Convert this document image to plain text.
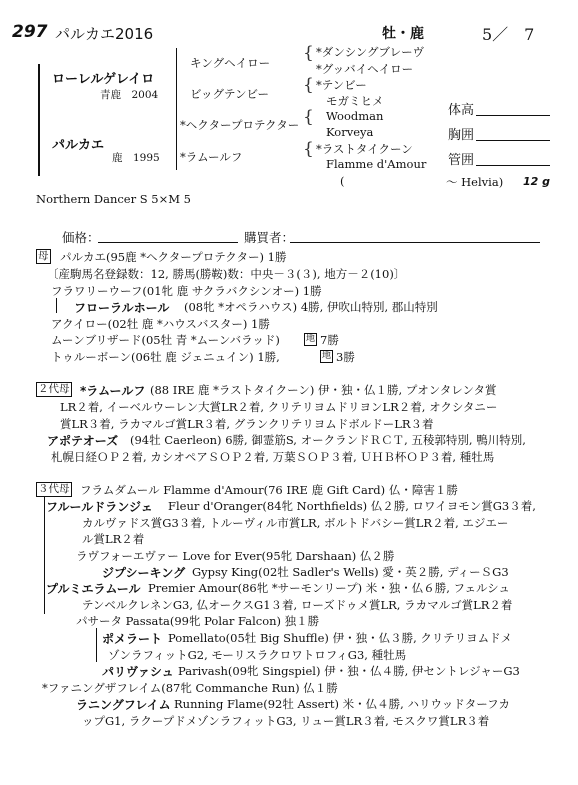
297 パルカエ2016	牡・鹿	5／　7
ローレルゲレイロ
青鹿　2004
パルカエ
鹿　1995
キングヘイロー
ビッグテンビー
*ヘクタープロテクター
*ラムールフ
{
{
{
{
*ダンシングブレーヴ
*グッバイヘイロー
*テンビー
モガミヒメ
Woodman
Korveya
*ラストタイクーン
Flamme d'Amour
(	～ Helvia) 12 g
体高
胸囲
管囲
Northern Dancer S 5×M 5
価格：	購買者：
母 パルカエ(95鹿 *ヘクタープロテクター) 1勝
〔産駒馬名登録数：12, 勝馬(勝鞍)数：中央－３(３), 地方－２(10)〕
フラワリーウーフ(01牝 鹿 サクラバクシンオー) 1勝
フローラルホール (08牝 *オペラハウス) 4勝, 伊吹山特別, 郡山特別
アクイロー(02牡 鹿 *ハウスバスター) 1勝
ムーンブリザード(05牡 青 *ムーンバラッド)	地 7勝
トゥルーボーン(06牡 鹿 ジェニュイン) 1勝,	地 3勝
２代母 *ラムールフ (88 IRE 鹿 *ラストタイクーン) 伊・独・仏１勝, プオンタレンタ賞
LR２着, イーベルウーレン大賞LR２着, クリテリヨムドリヨンLR２着, オクシタニー
賞LR３着, ラカマルゴ賞LR３着, グランクリテリヨムドボルドーLR３着
アポテオーズ (94牡 Caerleon) 6勝, 御霊筋S, オークランドＲＣＴ, 五稜郭特別, 鴨川特別,
札幌日経ＯＰ２着, カシオペアＳＯＰ２着, 万葉ＳＯＰ３着, ＵＨＢ杯ＯＰ３着, 種牡馬
３代母 フラムダムール Flamme d'Amour(76 IRE 鹿 Gift Card) 仏・障害１勝
フルールドランジェ Fleur d'Oranger(84牝 Northfields) 仏２勝, ロワイヨモン賞G3３着,
カルヴァドス賞G3３着, トルーヴィル市賞LR, ボルトドバシー賞LR２着, エジエー
ル賞LR２着
ラヴフォーエヴァー Love for Ever(95牝 Darshaan) 仏２勝
ジプシーキング Gypsy King(02牡 Sadler's Wells) 愛・英２勝, ディーＳG3
プルミエラムール Premier Amour(86牝 *サーモンリープ) 米・独・仏６勝, フェルシュ
テンベルクレネンG3, 仏オークスG1３着, ローズドゥメ賞LR, ラカマルゴ賞LR２着
パサータ Passata(99牝 Polar Falcon) 独１勝
ポメラート Pomellato(05牡 Big Shuffle) 伊・独・仏３勝, クリテリヨムドメ
ゾンラフィットG2, モーリスラクロワトロフィG3, 種牡馬
パリヴァシュ Parivash(09牝 Singspiel) 伊・独・仏４勝, 伊セントレジャーG3
*ファニングザフレイム(87牝 Commanche Run) 仏１勝
ラニングフレイム Running Flame(92牡 Assert) 米・仏４勝, ハリウッドターフカ
ップG1, ラクープドメゾンラフィットG3, リュー賞LR３着, モスクワ賞LR３着
